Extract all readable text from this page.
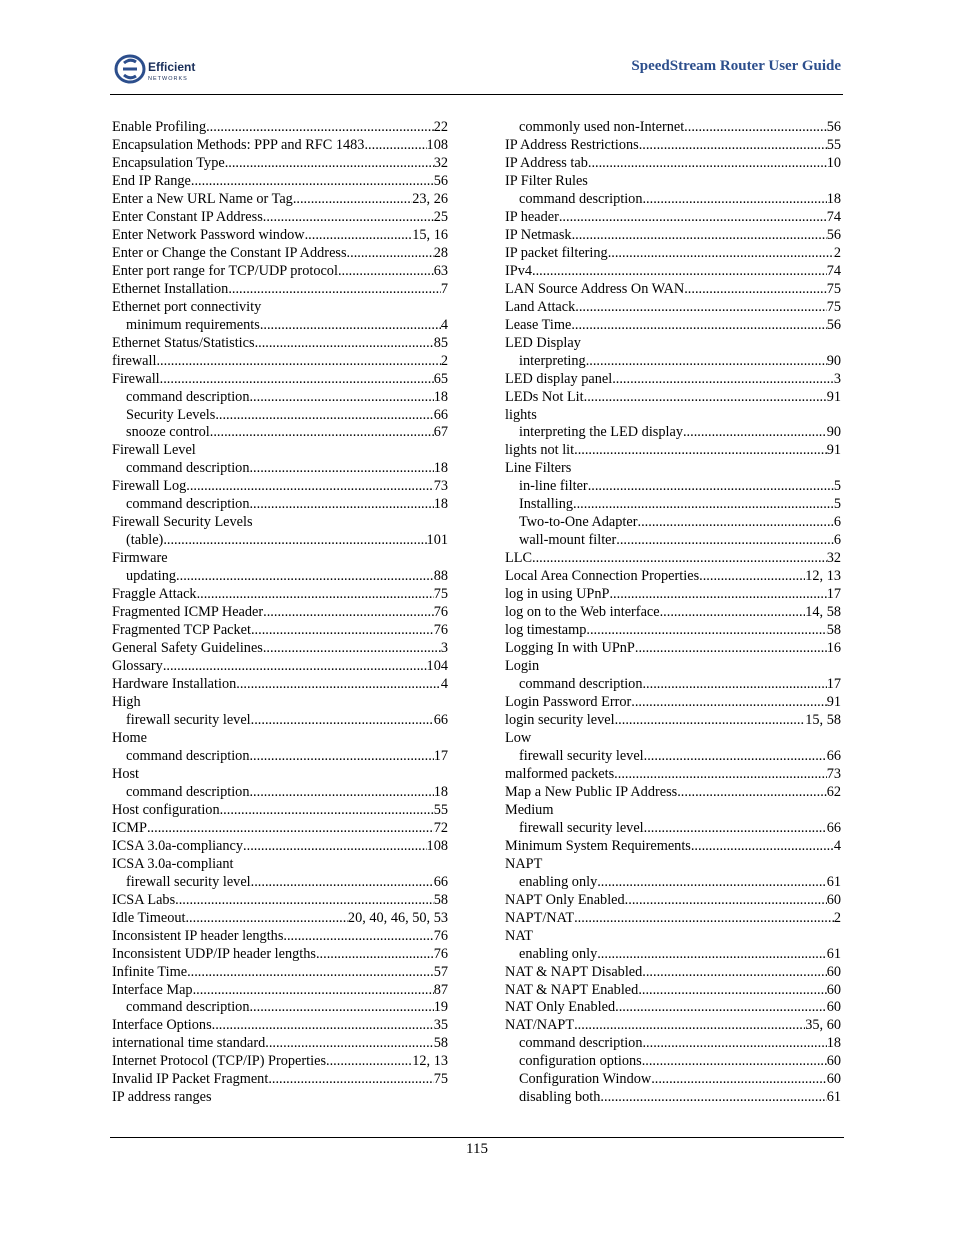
Efficient
NETWORKS
SpeedStream Router User Guide
Enable Profiling .....	22
Encapsulation Methods: PPP and RFC 1483 .....	108
Encapsulation Type .....	32
End IP Range .....	56
Enter a New URL Name or Tag .....	23, 26
Enter Constant IP Address .....	25
Enter Network Password window .....	15, 16
Enter or Change the Constant IP Address .....	28
Enter port range for TCP/UDP protocol .....	63
Ethernet Installation .....	7
Ethernet port connectivity
minimum requirements .....	4
Ethernet Status/Statistics .....	85
firewall .....	2
Firewall .....	65
command description .....	18
Security Levels .....	66
snooze control .....	67
Firewall Level
command description .....	18
Firewall Log .....	73
command description .....	18
Firewall Security Levels
(table) .....	101
Firmware
updating .....	88
Fraggle Attack .....	75
Fragmented ICMP Header .....	76
Fragmented TCP Packet .....	76
General Safety Guidelines .....	3
Glossary .....	104
Hardware Installation .....	4
High
firewall security level .....	66
Home
command description .....	17
Host
command description .....	18
Host configuration .....	55
ICMP .....	72
ICSA 3.0a-compliancy .....	108
ICSA 3.0a-compliant
firewall security level .....	66
ICSA Labs .....	58
Idle Timeout .....	20, 40, 46, 50, 53
Inconsistent IP header lengths .....	76
Inconsistent UDP/IP header lengths .....	76
Infinite Time .....	57
Interface Map .....	87
command description .....	19
Interface Options .....	35
international time standard .....	58
Internet Protocol (TCP/IP) Properties .....	12, 13
Invalid IP Packet Fragment .....	75
IP address ranges
commonly used non-Internet .....	56
IP Address Restrictions .....	55
IP Address tab .....	10
IP Filter Rules
command description .....	18
IP header .....	74
IP Netmask .....	56
IP packet filtering .....	2
IPv4 .....	74
LAN Source Address On WAN .....	75
Land Attack .....	75
Lease Time .....	56
LED Display
interpreting .....	90
LED display panel .....	3
LEDs Not Lit .....	91
lights
interpreting the LED display .....	90
lights not lit .....	91
Line Filters
in-line filter .....	5
Installing .....	5
Two-to-One Adapter .....	6
wall-mount filter .....	6
LLC .....	32
Local Area Connection Properties .....	12, 13
log in using UPnP .....	17
log on to the Web interface .....	14, 58
log timestamp .....	58
Logging In with UPnP .....	16
Login
command description .....	17
Login Password Error .....	91
login security level .....	15, 58
Low
firewall security level .....	66
malformed packets .....	73
Map a New Public IP Address .....	62
Medium
firewall security level .....	66
Minimum System Requirements .....	4
NAPT
enabling only .....	61
NAPT Only Enabled .....	60
NAPT/NAT .....	2
NAT
enabling only .....	61
NAT & NAPT Disabled .....	60
NAT & NAPT Enabled .....	60
NAT Only Enabled .....	60
NAT/NAPT .....	35, 60
command description .....	18
configuration options .....	60
Configuration Window .....	60
disabling both .....	61
115
